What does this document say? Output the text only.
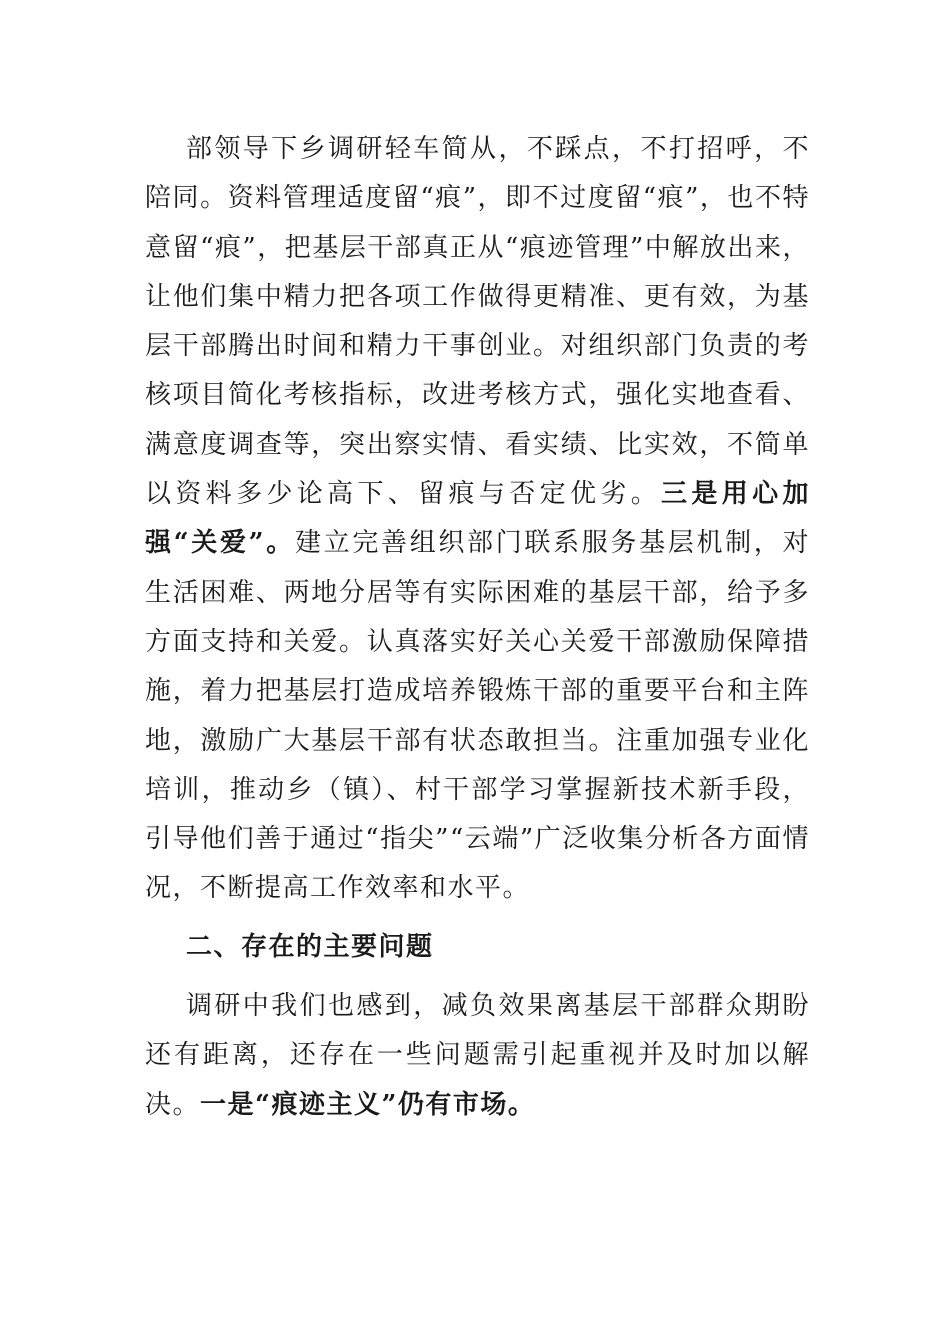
部领导下乡调研轻车简从，不踩点，不打招呼，不陪同。资料管理适度留“痕”，即不过度留“痕”，也不特意留“痕”，把基层干部真正从“痕迹管理”中解放出来，让他们集中精力把各项工作做得更精准、更有效，为基层干部腾出时间和精力干事创业。对组织部门负责的考核项目简化考核指标，改进考核方式，强化实地查看、满意度调查等，突出察实情、看实绩、比实效，不简单以资料多少论高下、留痕与否定优劣。三是用心加强“关爱”。建立完善组织部门联系服务基层机制，对生活困难、两地分居等有实际困难的基层干部，给予多方面支持和关爱。认真落实好关心关爱干部激励保障措施，着力把基层打造成培养锻炼干部的重要平台和主阵地，激励广大基层干部有状态敢担当。注重加强专业化培训，推动乡（镇）、村干部学习掌握新技术新手段，引导他们善于通过“指尖”“云端”广泛收集分析各方面情况，不断提高工作效率和水平。

二、存在的主要问题

调研中我们也感到，减负效果离基层干部群众期盼还有距离，还存在一些问题需引起重视并及时加以解决。一是“痕迹主义”仍有市场。
